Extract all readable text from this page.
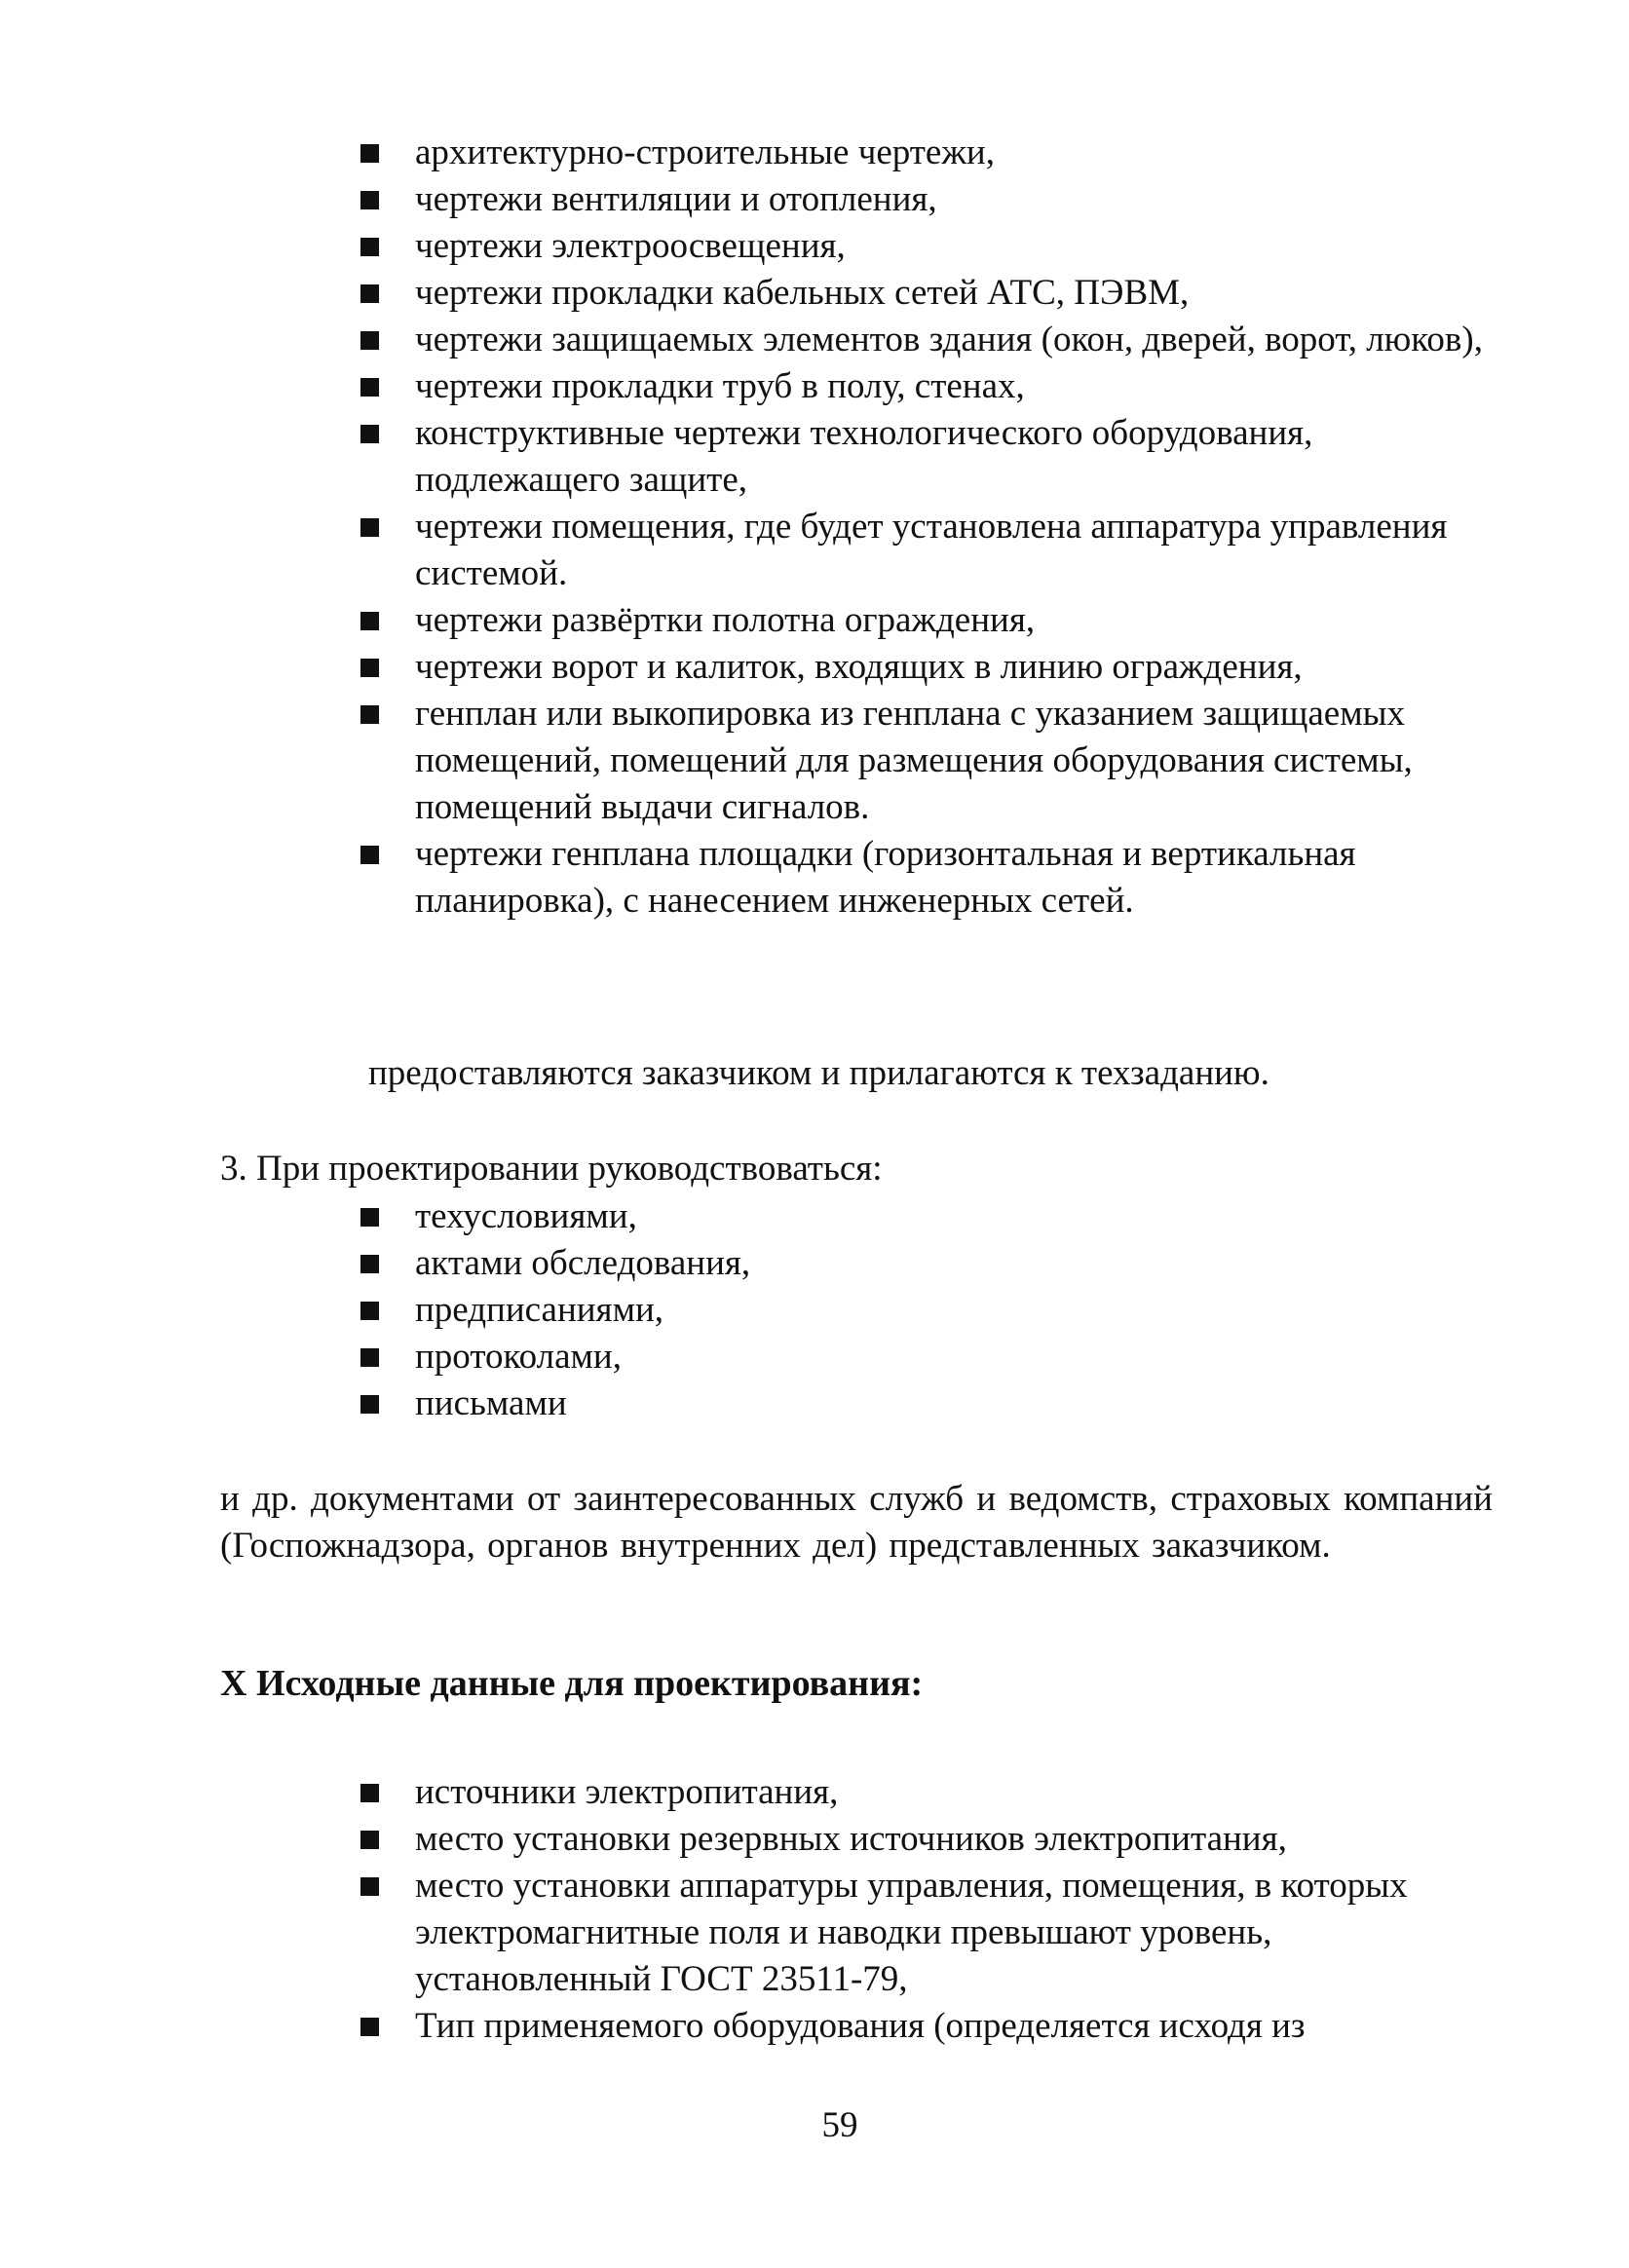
архитектурно-строительные чертежи,
чертежи вентиляции и отопления,
чертежи электроосвещения,
чертежи прокладки кабельных сетей АТС, ПЭВМ,
чертежи защищаемых элементов здания (окон, дверей, ворот, люков),
чертежи прокладки труб в полу, стенах,
конструктивные чертежи технологического оборудования, подлежащего защите,
чертежи помещения, где будет установлена аппаратура управления системой.
чертежи развёртки полотна ограждения,
чертежи ворот и калиток, входящих в линию ограждения,
генплан или выкопировка из генплана с указанием защищаемых помещений, помещений для размещения оборудования системы, помещений выдачи сигналов.
чертежи генплана площадки (горизонтальная и вертикальная планировка), с нанесением инженерных сетей.

предоставляются заказчиком и прилагаются к техзаданию.

3. При проектировании руководствоваться:

техусловиями,
актами обследования,
предписаниями,
протоколами,
письмами

и др. документами от заинтересованных служб и ведомств, страховых компаний (Госпожнадзора, органов внутренних дел) представленных заказчиком.

X Исходные данные для проектирования:
источники электропитания,
место установки резервных источников электропитания,
место установки аппаратуры управления, помещения, в которых электромагнитные поля и наводки превышают уровень, установленный ГОСТ 23511-79,
Тип применяемого оборудования (определяется исходя из

59
